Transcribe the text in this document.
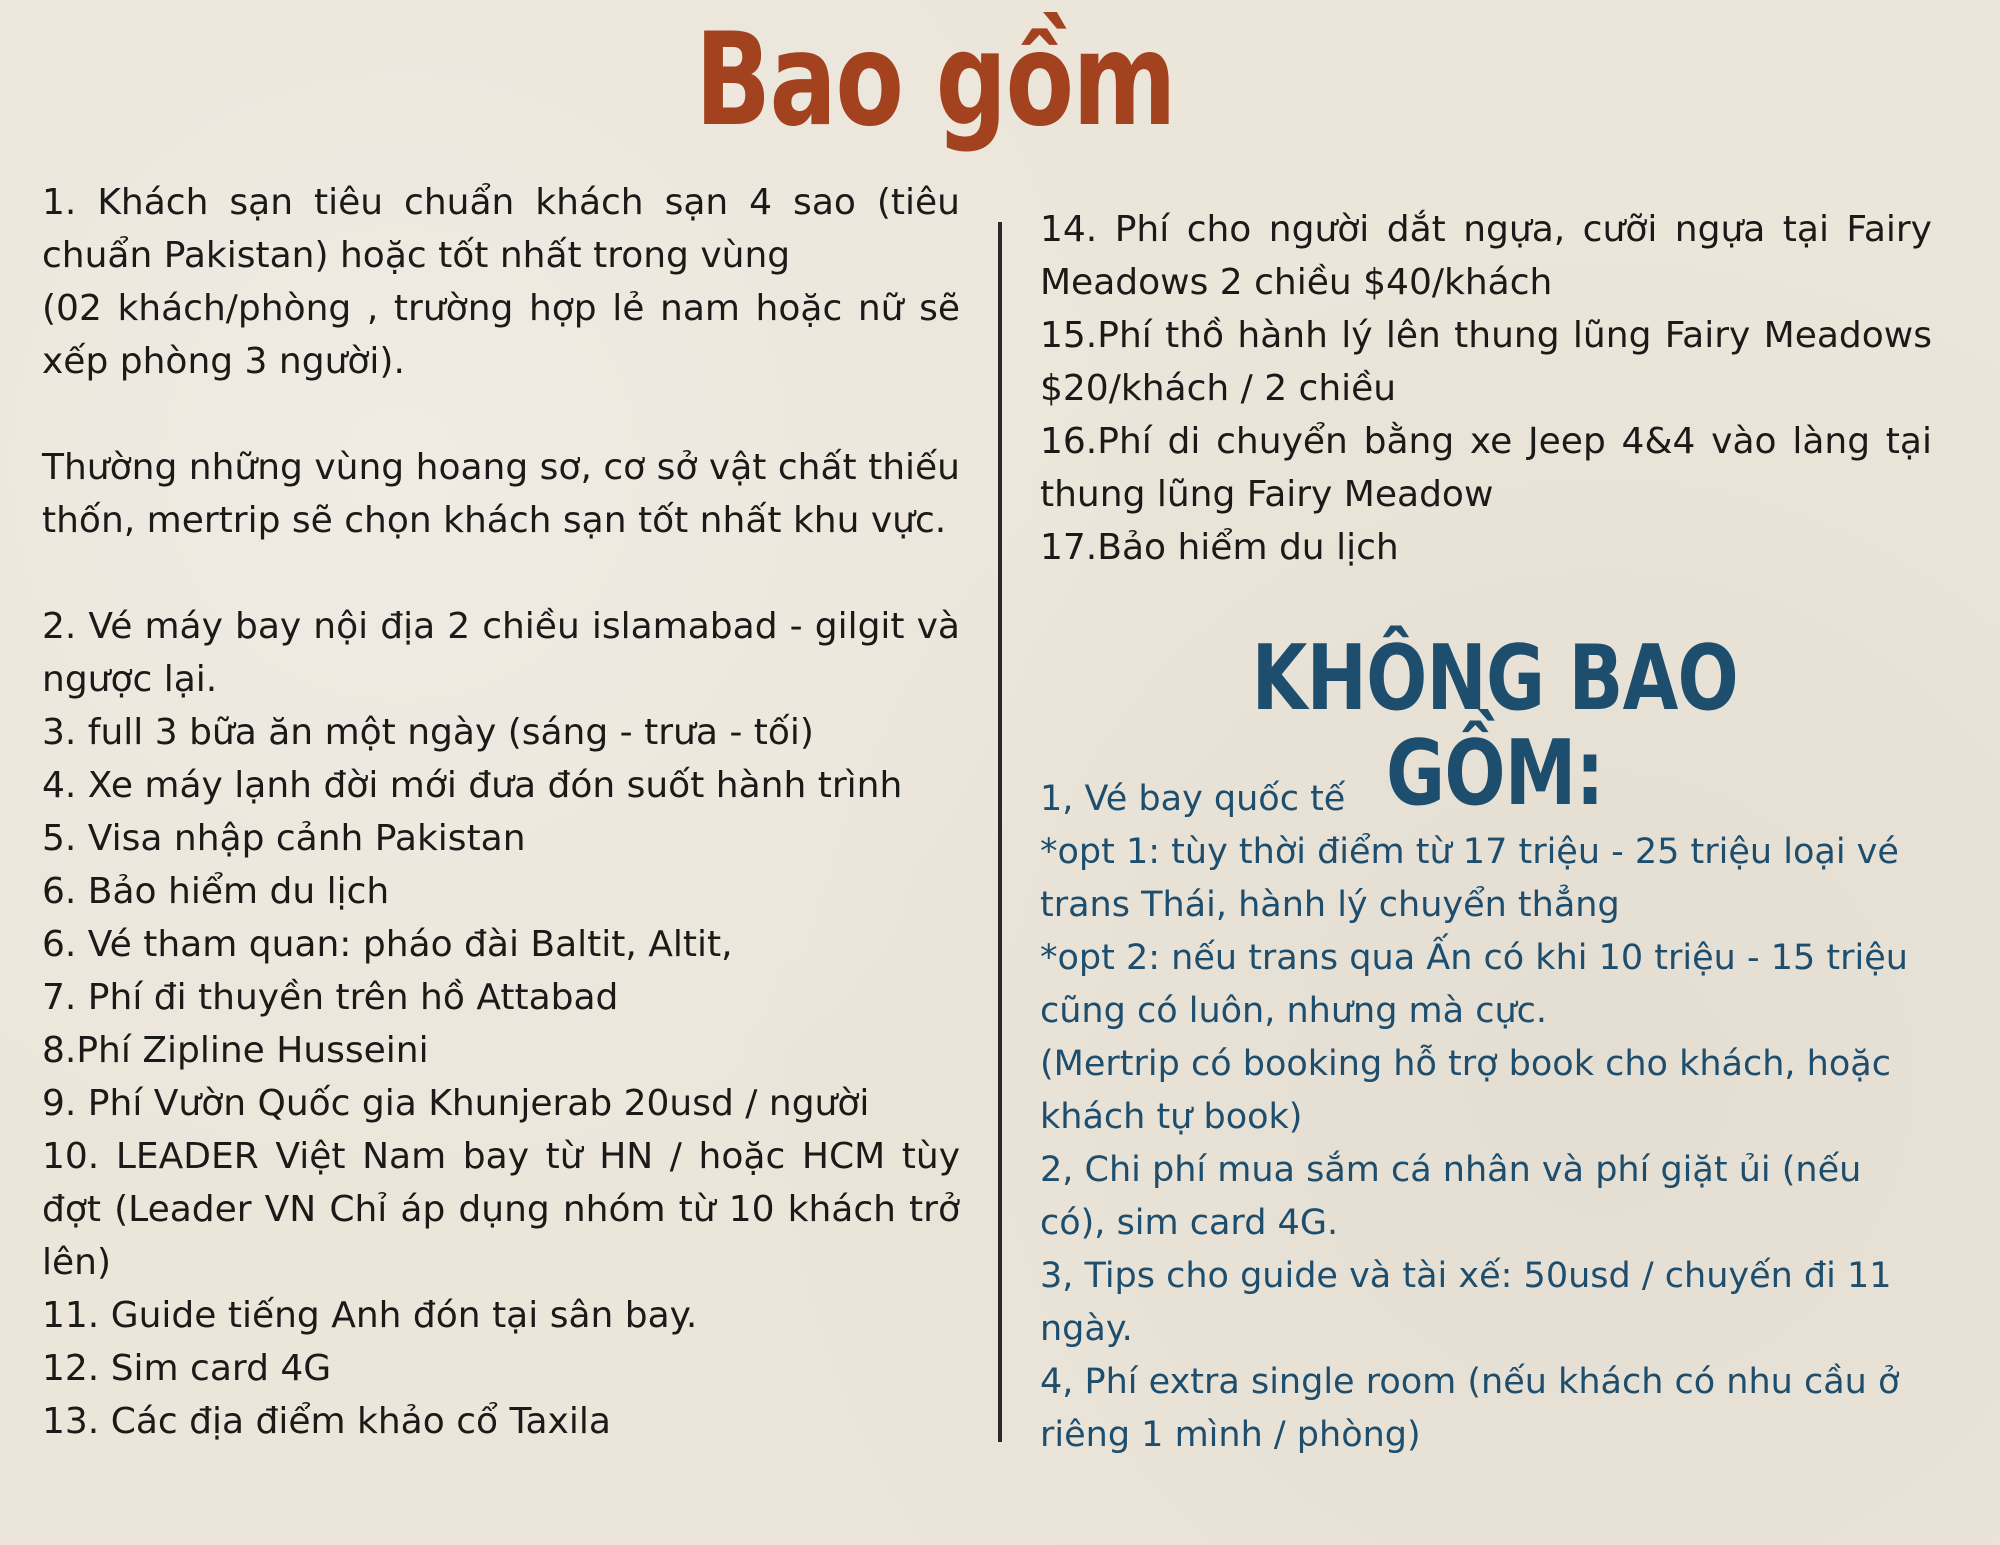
Bao gồm

1. Khách sạn tiêu chuẩn khách sạn 4 sao (tiêu chuẩn Pakistan) hoặc tốt nhất trong vùng

(02 khách/phòng , trường hợp lẻ nam hoặc nữ sẽ xếp phòng 3 người).

Thường những vùng hoang sơ, cơ sở vật chất thiếu thốn, mertrip sẽ chọn khách sạn tốt nhất khu vực.

2. Vé máy bay nội địa 2 chiều islamabad - gilgit và ngược lại.

3. full 3 bữa ăn một ngày (sáng - trưa - tối)

4. Xe máy lạnh đời mới đưa đón suốt hành trình

5. Visa nhập cảnh Pakistan

6. Bảo hiểm du lịch

6. Vé tham quan: pháo đài Baltit, Altit,

7. Phí đi thuyền trên hồ Attabad

8.Phí Zipline Husseini

9. Phí Vườn Quốc gia Khunjerab 20usd / người

10. LEADER Việt Nam bay từ HN / hoặc HCM tùy đợt (Leader VN Chỉ áp dụng nhóm từ 10 khách trở lên)

11. Guide tiếng Anh đón tại sân bay.

12. Sim card 4G

13. Các địa điểm khảo cổ Taxila

14. Phí cho người dắt ngựa, cưỡi ngựa tại Fairy Meadows 2 chiều $40/khách

15.Phí thồ hành lý lên thung lũng Fairy Meadows $20/khách / 2 chiều

16.Phí di chuyển bằng xe Jeep 4&4 vào làng tại thung lũng Fairy Meadow

17.Bảo hiểm du lịch

KHÔNG BAO GỒM:

1, Vé bay quốc tế

*opt 1: tùy thời điểm từ 17 triệu - 25 triệu loại vé trans Thái, hành lý chuyển thẳng

*opt 2: nếu trans qua Ấn có khi 10 triệu - 15 triệu cũng có luôn, nhưng mà cực.

(Mertrip có booking hỗ trợ book cho khách, hoặc khách tự book)

2, Chi phí mua sắm cá nhân và phí giặt ủi (nếu có), sim card 4G.

3, Tips cho guide và tài xế: 50usd / chuyến đi 11 ngày.

4, Phí extra single room (nếu khách có nhu cầu ở riêng 1 mình / phòng)
